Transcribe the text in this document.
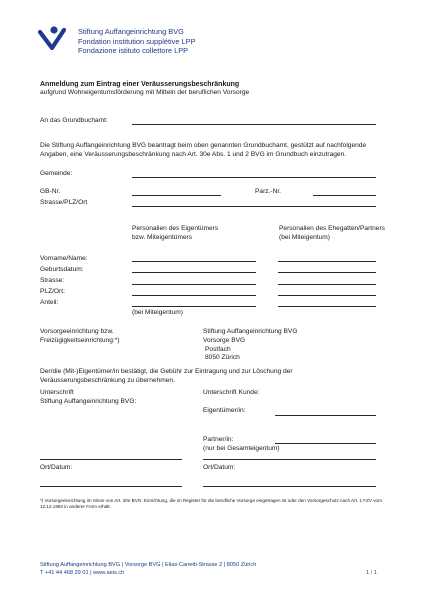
Stiftung Auffangeinrichtung BVG
Fondation institution supplétive LPP
Fondazione istituto collettore LPP
Anmeldung zum Eintrag einer Veräusserungsbeschränkung
aufgrund Wohneigentumsförderung mit Mitteln der beruflichen Vorsorge
An das Grundbuchamt:
Die Stiftung Auffangeinrichtung BVG beantragt beim oben genannten Grundbuchamt, gestützt auf nachfolgende Angaben, eine Veräusserungsbeschränkung nach Art. 30e Abs. 1 und 2 BVG im Grundbuch einzutragen.
Gemeinde:
GB-Nr.	Parz.-Nr.
Strasse/PLZ/Ort
Personalien des Eigentümers
bzw. Miteigentümers
Personalien des Ehegatten/Partners
(bei Miteigentum)
Vorname/Name:
Geburtsdatum:
Strasse:
PLZ/Ort:
Anteil:
(bei Miteigentum)
Vorsorgeeinrichtung bzw.
Freizügigkeitseinrichtung:*)
Stiftung Auffangeinrichtung BVG
Vorsorge BVG
Postfach
8050 Zürich
Der/die (Mit-)Eigentümer/in bestätigt, die Gebühr zur Eintragung und zur Löschung der Veräusserungsbeschränkung zu übernehmen.
Unterschrift
Stiftung Auffangeinrichtung BVG:
Unterschrift Kunde:
Eigentümer/in:
Partner/in:
(nur bei Gesamteigentum)
Ort/Datum:	Ort/Datum:
*) Vorsorgeeinrichtung im Sinne von Art. 30e BVG: Einrichtung, die im Register für die berufliche Vorsorge eingetragen ist oder den Vorsorgeschutz nach Art. 1 FZV vom 12.12.1993 in anderer Form erhält.
Stiftung Auffangeinrichtung BVG | Vorsorge BVG | Elias-Canetti-Strasse 2 | 8050 Zürich
T +41 44 468 29 01 | www.aeis.ch	1 / 1
